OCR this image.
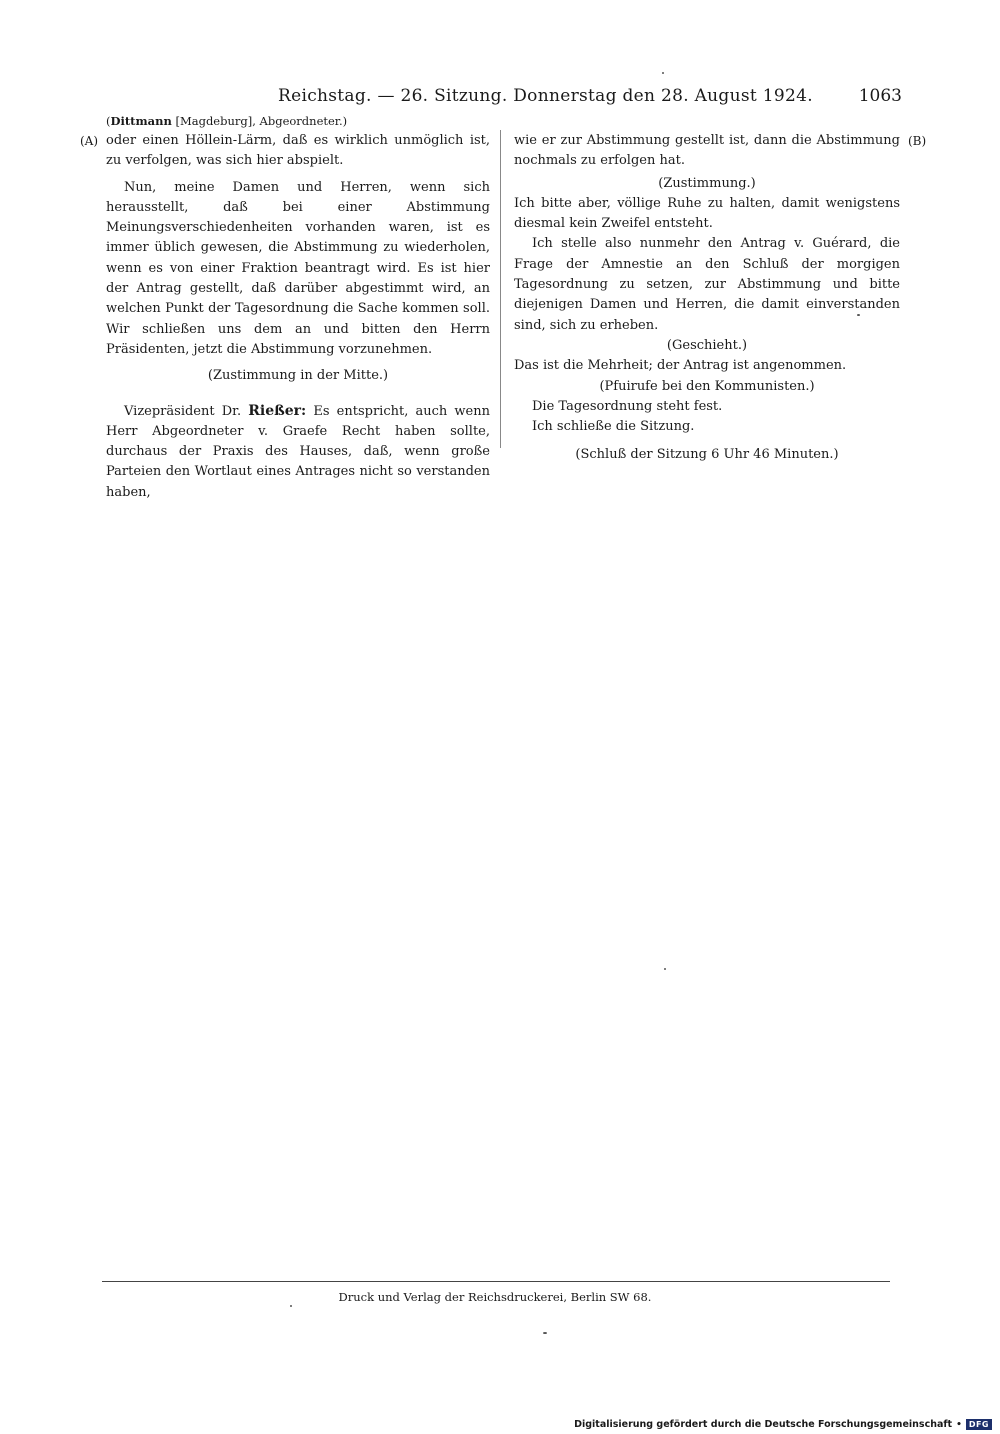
Reichstag. — 26. Sitzung. Donnerstag den 28. August 1924.	1063
(Dittmann [Magdeburg], Abgeordneter.)
(A)	(B)

oder einen Höllein-Lärm, daß es wirklich unmöglich ist, zu verfolgen, was sich hier abspielt.

Nun, meine Damen und Herren, wenn sich herausstellt, daß bei einer Abstimmung Meinungsverschiedenheiten vorhanden waren, ist es immer üblich gewesen, die Abstimmung zu wiederholen, wenn es von einer Fraktion beantragt wird. Es ist hier der Antrag gestellt, daß darüber abgestimmt wird, an welchen Punkt der Tagesordnung die Sache kommen soll. Wir schließen uns dem an und bitten den Herrn Präsidenten, jetzt die Abstimmung vorzunehmen.

(Zustimmung in der Mitte.)

Vizepräsident Dr. Rießer: Es entspricht, auch wenn Herr Abgeordneter v. Graefe Recht haben sollte, durchaus der Praxis des Hauses, daß, wenn große Parteien den Wortlaut eines Antrages nicht so verstanden haben,

wie er zur Abstimmung gestellt ist, dann die Abstimmung nochmals zu erfolgen hat.

(Zustimmung.)

Ich bitte aber, völlige Ruhe zu halten, damit wenigstens diesmal kein Zweifel entsteht.

Ich stelle also nunmehr den Antrag v. Guérard, die Frage der Amnestie an den Schluß der morgigen Tagesordnung zu setzen, zur Abstimmung und bitte diejenigen Damen und Herren, die damit einverstanden sind, sich zu erheben.

(Geschieht.)

Das ist die Mehrheit; der Antrag ist angenommen.

(Pfuirufe bei den Kommunisten.)

Die Tagesordnung steht fest.

Ich schließe die Sitzung.

(Schluß der Sitzung 6 Uhr 46 Minuten.)

Druck und Verlag der Reichsdruckerei, Berlin SW 68.
Digitalisierung gefördert durch die Deutsche Forschungsgemeinschaft • DFG
